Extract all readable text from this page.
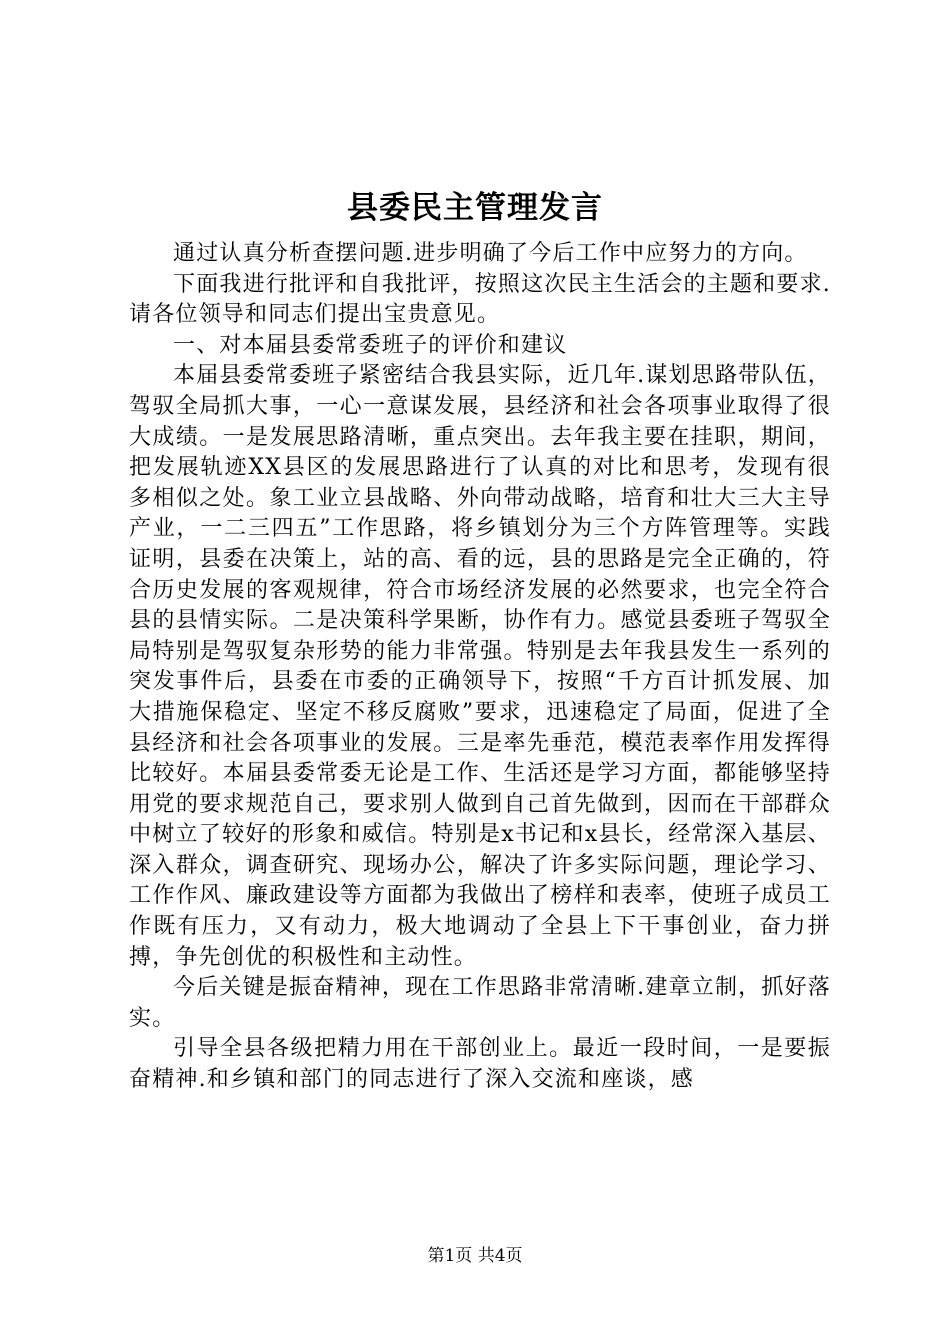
县委民主管理发言

通过认真分析查摆问题.进步明确了今后工作中应努力的方向。

下面我进行批评和自我批评，按照这次民主生活会的主题和要求.请各位领导和同志们提出宝贵意见。

一、对本届县委常委班子的评价和建议

本届县委常委班子紧密结合我县实际，近几年.谋划思路带队伍，驾驭全局抓大事，一心一意谋发展，县经济和社会各项事业取得了很大成绩。一是发展思路清晰，重点突出。去年我主要在挂职，期间，把发展轨迹XX县区的发展思路进行了认真的对比和思考，发现有很多相似之处。象工业立县战略、外向带动战略，培育和壮大三大主导产业，一二三四五”工作思路，将乡镇划分为三个方阵管理等。实践证明，县委在决策上，站的高、看的远，县的思路是完全正确的，符合历史发展的客观规律，符合市场经济发展的必然要求，也完全符合县的县情实际。二是决策科学果断，协作有力。感觉县委班子驾驭全局特别是驾驭复杂形势的能力非常强。特别是去年我县发生一系列的突发事件后，县委在市委的正确领导下，按照“千方百计抓发展、加大措施保稳定、坚定不移反腐败”要求，迅速稳定了局面，促进了全县经济和社会各项事业的发展。三是率先垂范，模范表率作用发挥得比较好。本届县委常委无论是工作、生活还是学习方面，都能够坚持用党的要求规范自己，要求别人做到自己首先做到，因而在干部群众中树立了较好的形象和威信。特别是x书记和x县长，经常深入基层、深入群众，调查研究、现场办公，解决了许多实际问题，理论学习、工作作风、廉政建设等方面都为我做出了榜样和表率，使班子成员工作既有压力，又有动力，极大地调动了全县上下干事创业，奋力拼搏，争先创优的积极性和主动性。

今后关键是振奋精神，现在工作思路非常清晰.建章立制，抓好落实。

引导全县各级把精力用在干部创业上。最近一段时间，一是要振奋精神.和乡镇和部门的同志进行了深入交流和座谈，感

第1页 共4页
